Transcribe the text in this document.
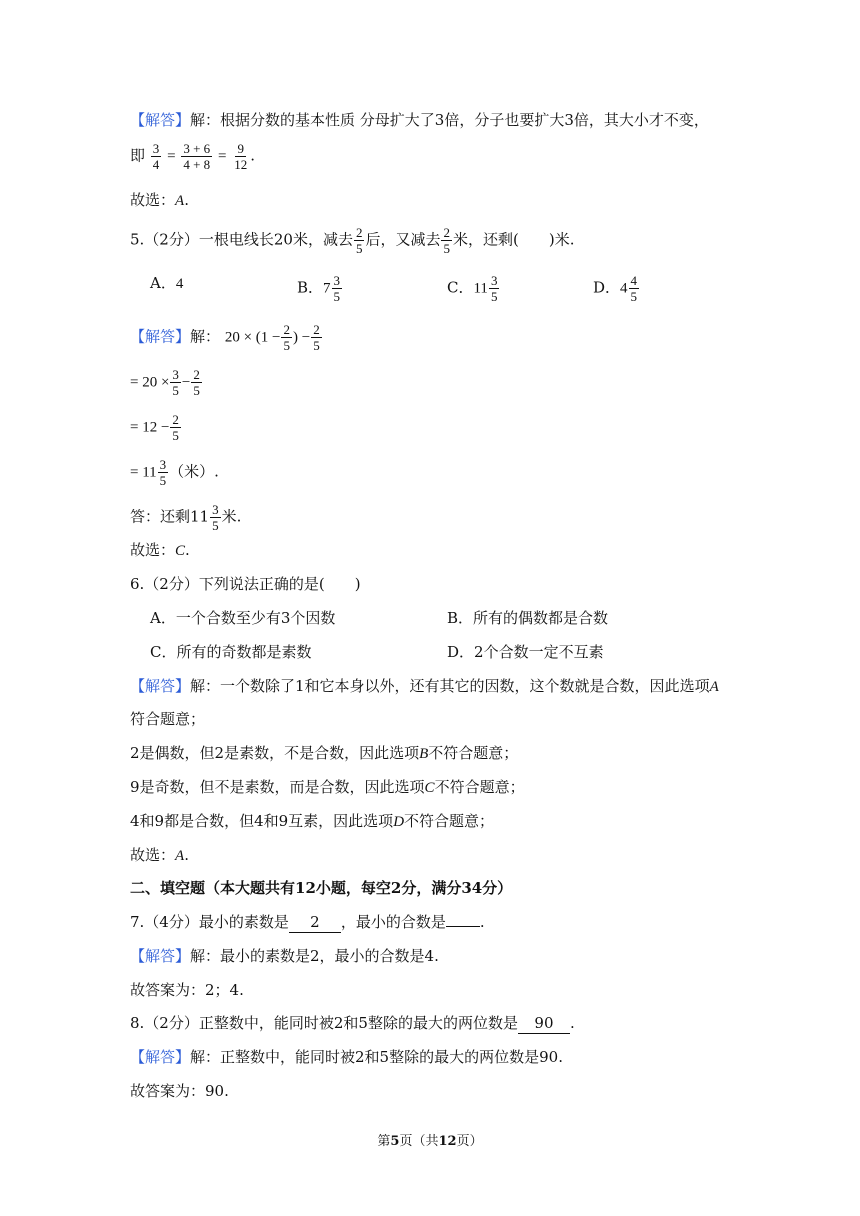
【解答】解：根据分数的基本性质 分母扩大了3倍，分子也要扩大3倍，其大小才不变，
即 $\frac{3}{4} = \frac{3 + 6}{4 + 8} = \frac{9}{12}$ .
故选：A.
5.（2分）一根电线长20米，减去 $\frac{2}{5}$ 后，又减去 $\frac{2}{5}$ 米，还剩(　　)米.
A．4	B．$7 \frac{3}{5}$	C．$11 \frac{3}{5}$	D．$4 \frac{4}{5}$
【解答】解： $20 \times (1 - \frac{2}{5}$ ) − $\frac{2}{5}$
= $20 \times \frac{3}{5} - \frac{2}{5}$
= $12 - \frac{2}{5}$
= $11 \frac{3}{5}$ （米）.
答：还剩$11 \frac{3}{5}$ 米.
故选：C.
6.（2分）下列说法正确的是(　　)
A．一个合数至少有3个因数	B．所有的偶数都是合数
C．所有的奇数都是素数	D．2个合数一定不互素
【解答】解：一个数除了1和它本身以外，还有其它的因数，这个数就是合数，因此选项A
符合题意；
2是偶数，但2是素数，不是合数，因此选项B不符合题意；
9是奇数，但不是素数，而是合数，因此选项C不符合题意；
4和9都是合数，但4和9互素，因此选项D不符合题意；
故选：A.
二、填空题（本大题共有12小题，每空2分，满分34分）
7.（4分）最小的素数是 2 ，最小的合数是 .
【解答】解：最小的素数是2，最小的合数是4.
故答案为：2；4.
8.（2分）正整数中，能同时被2和5整除的最大的两位数是 90 .
【解答】解：正整数中，能同时被2和5整除的最大的两位数是90.
故答案为：90.
第5页（共12页）
